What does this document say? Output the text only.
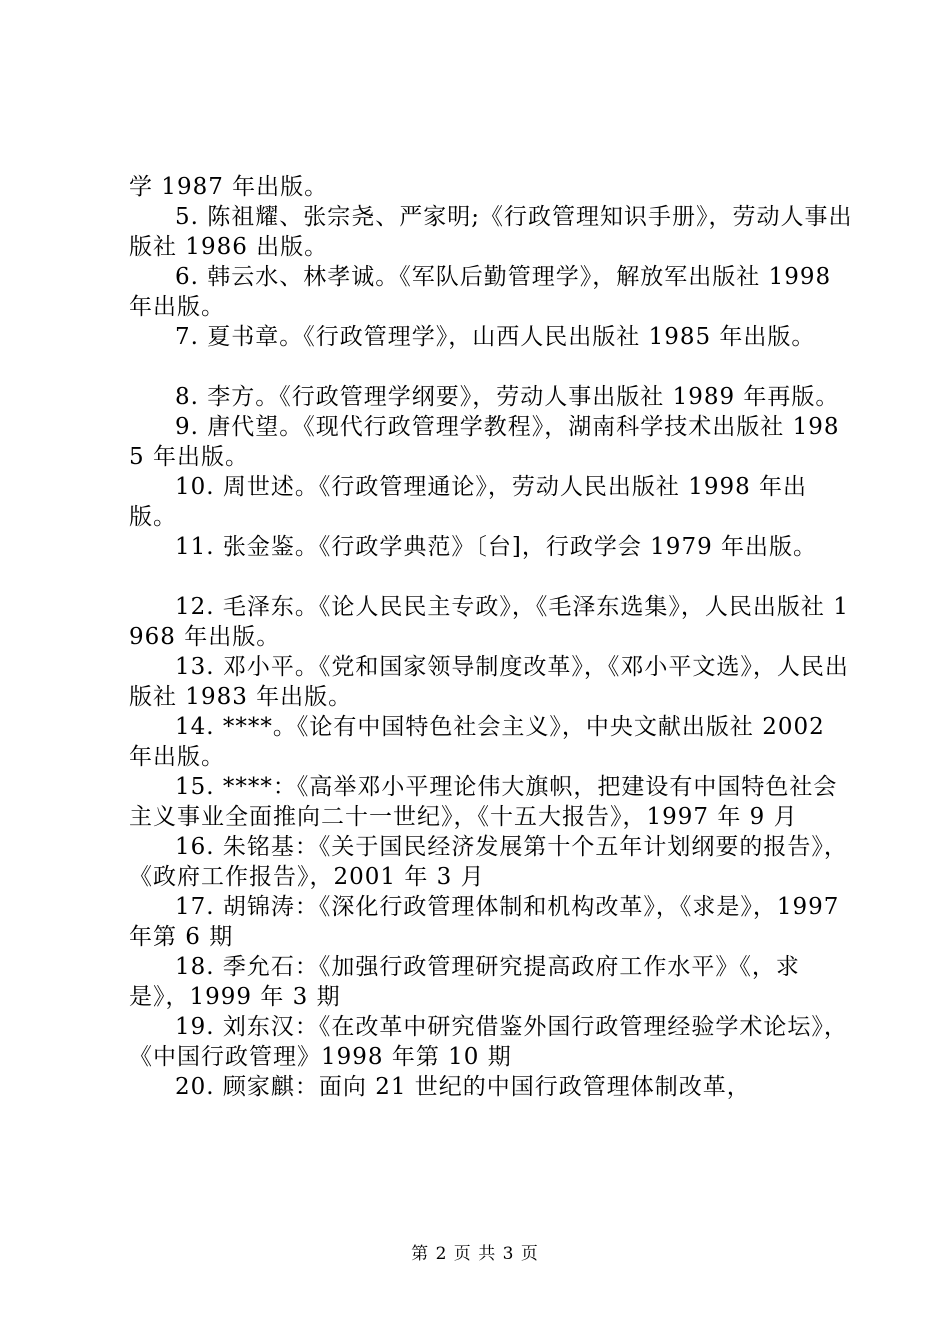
学 1987 年出版。

5. 陈祖耀、张宗尧、严家明;《行政管理知识手册》，劳动人事出版社 1986 出版。

6. 韩云水、林孝诚。《军队后勤管理学》，解放军出版社 1998 年出版。

7. 夏书章。《行政管理学》，山西人民出版社 1985 年出版。

8. 李方。《行政管理学纲要》，劳动人事出版社 1989 年再版。

9. 唐代望。《现代行政管理学教程》，湖南科学技术出版社 1985 年出版。

10. 周世述。《行政管理通论》，劳动人民出版社 1998 年出版。

11. 张金鉴。《行政学典范》〔台]，行政学会 1979 年出版。

12. 毛泽东。《论人民民主专政》，《毛泽东选集》，人民出版社 1968 年出版。

13. 邓小平。《党和国家领导制度改革》，《邓小平文选》，人民出版社 1983 年出版。

14. ****。《论有中国特色社会主义》，中央文献出版社 2002 年出版。

15. ****：《高举邓小平理论伟大旗帜，把建设有中国特色社会主义事业全面推向二十一世纪》，《十五大报告》，1997 年 9 月

16. 朱铭基：《关于国民经济发展第十个五年计划纲要的报告》，《政府工作报告》，2001 年 3 月

17. 胡锦涛：《深化行政管理体制和机构改革》，《求是》，1997 年第 6 期

18. 季允石：《加强行政管理研究提高政府工作水平》《，求是》，1999 年 3 期

19. 刘东汉：《在改革中研究借鉴外国行政管理经验学术论坛》，《中国行政管理》1998 年第 10 期

20. 顾家麒：面向 21 世纪的中国行政管理体制改革，

第 2 页 共 3 页
